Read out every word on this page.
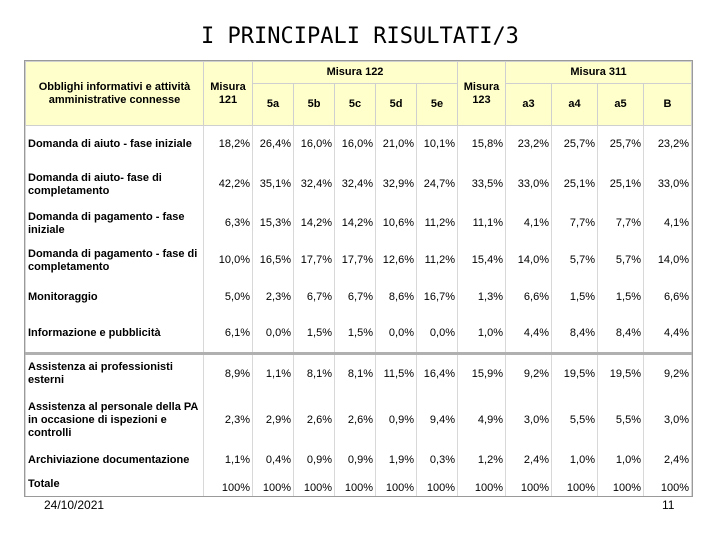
I PRINCIPALI RISULTATI/3
Obblighi informativi e attività amministrative connesse	Misura 121	Misura 122					Misura 123	Misura 311			
		5a	5b	5c	5d	5e		a3	a4	a5	B
Domanda di aiuto - fase iniziale	18,2%	26,4%	16,0%	16,0%	21,0%	10,1%	15,8%	23,2%	25,7%	25,7%	23,2%
Domanda di aiuto- fase di completamento	42,2%	35,1%	32,4%	32,4%	32,9%	24,7%	33,5%	33,0%	25,1%	25,1%	33,0%
Domanda di pagamento - fase iniziale	6,3%	15,3%	14,2%	14,2%	10,6%	11,2%	11,1%	4,1%	7,7%	7,7%	4,1%
Domanda di pagamento - fase di completamento	10,0%	16,5%	17,7%	17,7%	12,6%	11,2%	15,4%	14,0%	5,7%	5,7%	14,0%
Monitoraggio	5,0%	2,3%	6,7%	6,7%	8,6%	16,7%	1,3%	6,6%	1,5%	1,5%	6,6%
Informazione e pubblicità	6,1%	0,0%	1,5%	1,5%	0,0%	0,0%	1,0%	4,4%	8,4%	8,4%	4,4%
Assistenza ai professionisti esterni	8,9%	1,1%	8,1%	8,1%	11,5%	16,4%	15,9%	9,2%	19,5%	19,5%	9,2%
Assistenza al personale della PA in occasione di ispezioni e controlli	2,3%	2,9%	2,6%	2,6%	0,9%	9,4%	4,9%	3,0%	5,5%	5,5%	3,0%
Archiviazione documentazione	1,1%	0,4%	0,9%	0,9%	1,9%	0,3%	1,2%	2,4%	1,0%	1,0%	2,4%
Totale	100%	100%	100%	100%	100%	100%	100%	100%	100%	100%	100%
24/10/2021	11
